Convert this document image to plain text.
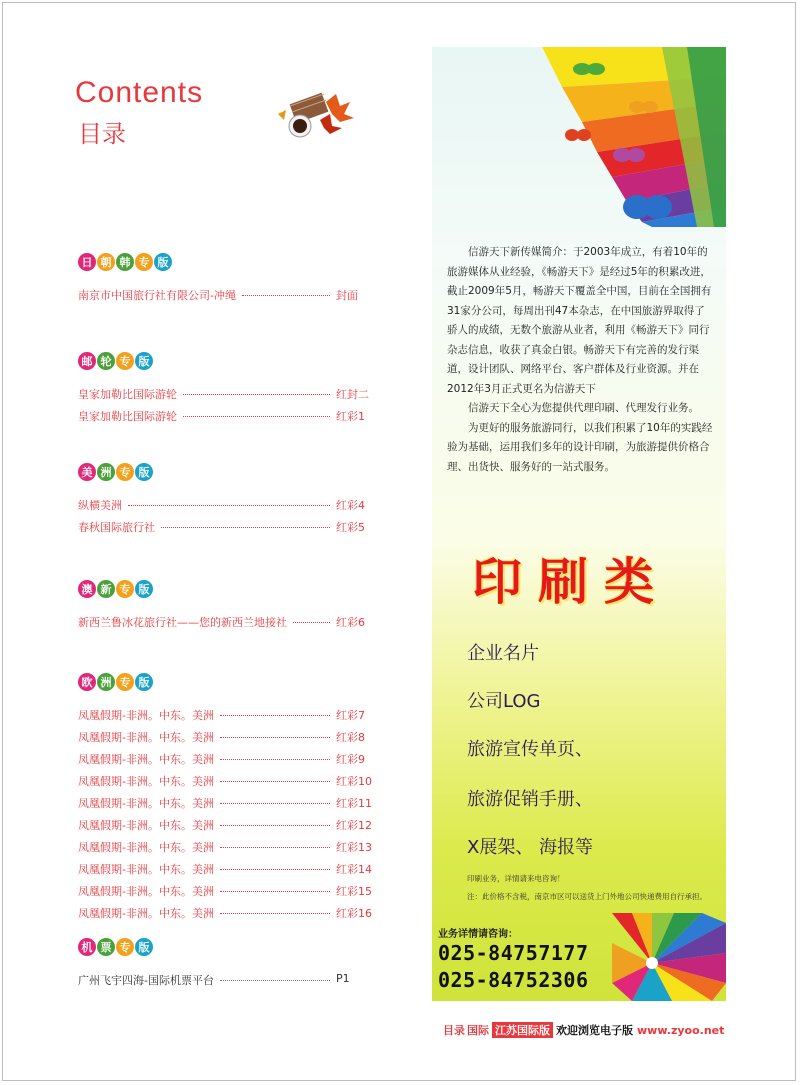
Contents
目录
日 朝 韩 专 版
南京市中国旅行社有限公司-冲绳	封面
邮 轮 专 版
皇家加勒比国际游轮	红封二
皇家加勒比国际游轮	红彩1
美 洲 专 版
纵横美洲	红彩4
春秋国际旅行社	红彩5
澳 新 专 版
新西兰鲁冰花旅行社——您的新西兰地接社	红彩6
欧 洲 专 版
凤凰假期-非洲。中东。美洲	红彩7
凤凰假期-非洲。中东。美洲	红彩8
凤凰假期-非洲。中东。美洲	红彩9
凤凰假期-非洲。中东。美洲	红彩10
凤凰假期-非洲。中东。美洲	红彩11
凤凰假期-非洲。中东。美洲	红彩12
凤凰假期-非洲。中东。美洲	红彩13
凤凰假期-非洲。中东。美洲	红彩14
凤凰假期-非洲。中东。美洲	红彩15
凤凰假期-非洲。中东。美洲	红彩16
机 票 专 版
广州飞宇四海-国际机票平台	P1

信游天下新传媒简介：于2003年成立，有着10年的旅游媒体从业经验，《畅游天下》是经过5年的积累改进，截止2009年5月，畅游天下覆盖全中国，目前在全国拥有31家分公司，每周出刊47本杂志，在中国旅游界取得了骄人的成绩，无数个旅游从业者，利用《畅游天下》同行杂志信息，收获了真金白银。畅游天下有完善的发行渠道，设计团队、网络平台、客户群体及行业资源。并在2012年3月正式更名为信游天下

信游天下全心为您提供代理印刷、代理发行业务。

为更好的服务旅游同行，以我们积累了10年的实践经验为基础，运用我们多年的设计印刷，为旅游提供价格合理、出货快、服务好的一站式服务。

印刷类
企业名片
公司LOG
旅游宣传单页、
旅游促销手册、
X展架、 海报等
印刷业务，详情请来电咨询！
注：此价格不含税，南京市区可以送货上门外地公司快递费用自行承担。
业务详情请咨询：
025-84757177
025-84752306
目录 国际 江苏国际版 欢迎浏览电子版 www.zyoo.net
